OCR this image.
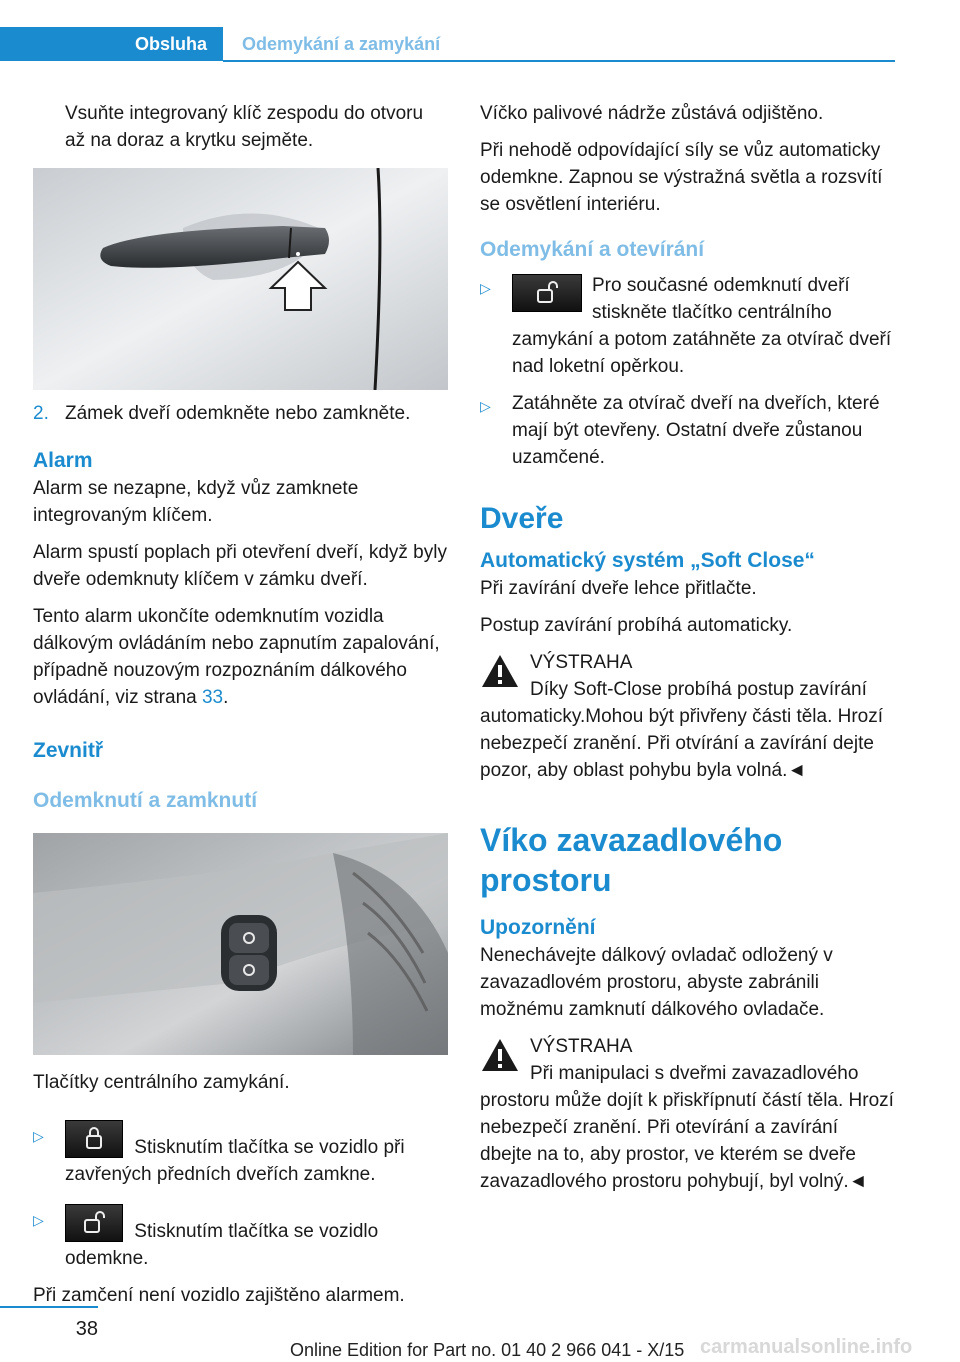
Obsluha	Odemykání a zamykání

Vsuňte integrovaný klíč zespodu do otvoru až na doraz a krytku sejměte.

2. Zámek dveří odemkněte nebo zamkněte.
Alarm

Alarm se nezapne, když vůz zamknete integrovaným klíčem.

Alarm spustí poplach při otevření dveří, když byly dveře odemknuty klíčem v zámku dveří.

Tento alarm ukončíte odemknutím vozidla dálkovým ovládáním nebo zapnutím zapalování, případně nouzovým rozpoznáním dálkového ovládání, viz strana 33.

Zevnitř
Odemknutí a zamknutí

Tlačítky centrálního zamykání.

▷
Stisknutím tlačítka se vozidlo při zavřených předních dveřích zamkne.
▷
Stisknutím tlačítka se vozidlo odemkne.

Při zamčení není vozidlo zajištěno alarmem.

Víčko palivové nádrže zůstává odjištěno.

Při nehodě odpovídající síly se vůz automaticky odemkne. Zapnou se výstražná světla a rozsvítí se osvětlení interiéru.

Odemykání a otevírání
▷	Pro současné odemknutí dveří stiskněte tlačítko centrálního zamykání a potom zatáhněte za otvírač dveří nad loketní opěrkou.
▷	Zatáhněte za otvírač dveří na dveřích, které mají být otevřeny. Ostatní dveře zůstanou uzamčené.
Dveře
Automatický systém „Soft Close“

Při zavírání dveře lehce přitlačte.

Postup zavírání probíhá automaticky.

VÝSTRAHA
Díky Soft-Close probíhá postup zavírání automaticky.Mohou být přivřeny části těla. Hrozí nebezpečí zranění. Při otvírání a zavírání dejte pozor, aby oblast pohybu byla volná.◄
Víko zavazadlového prostoru
Upozornění

Nenechávejte dálkový ovladač odložený v zavazadlovém prostoru, abyste zabránili možnému zamknutí dálkového ovladače.

VÝSTRAHA
Při manipulaci s dveřmi zavazadlového prostoru může dojít k přiskřípnutí částí těla. Hrozí nebezpečí zranění. Při otevírání a zavírání dbejte na to, aby prostor, ve kterém se dveře zavazadlového prostoru pohybují, byl volný.◄
38
carmanualsonline.info
Online Edition for Part no. 01 40 2 966 041 - X/15
